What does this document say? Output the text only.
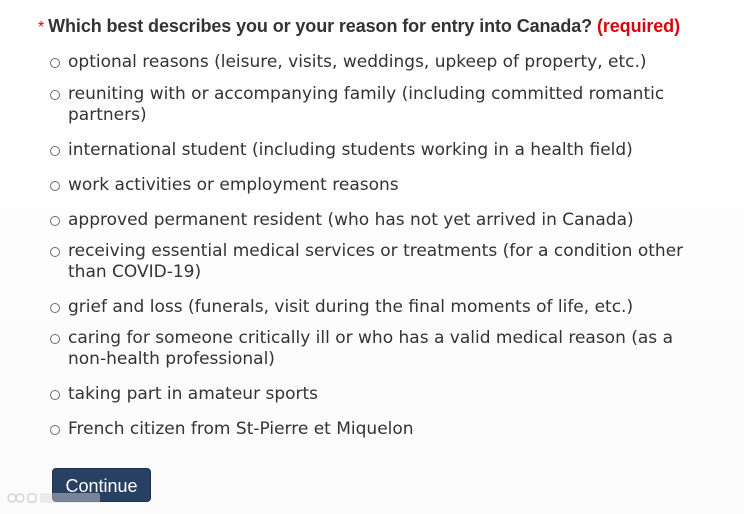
* Which best describes you or your reason for entry into Canada? (required)
optional reasons (leisure, visits, weddings, upkeep of property, etc.)
reuniting with or accompanying family (including committed romantic partners)
international student (including students working in a health field)
work activities or employment reasons
approved permanent resident (who has not yet arrived in Canada)
receiving essential medical services or treatments (for a condition other than COVID-19)
grief and loss (funerals, visit during the final moments of life, etc.)
caring for someone critically ill or who has a valid medical reason (as a non-health professional)
taking part in amateur sports
French citizen from St-Pierre et Miquelon
Continue
